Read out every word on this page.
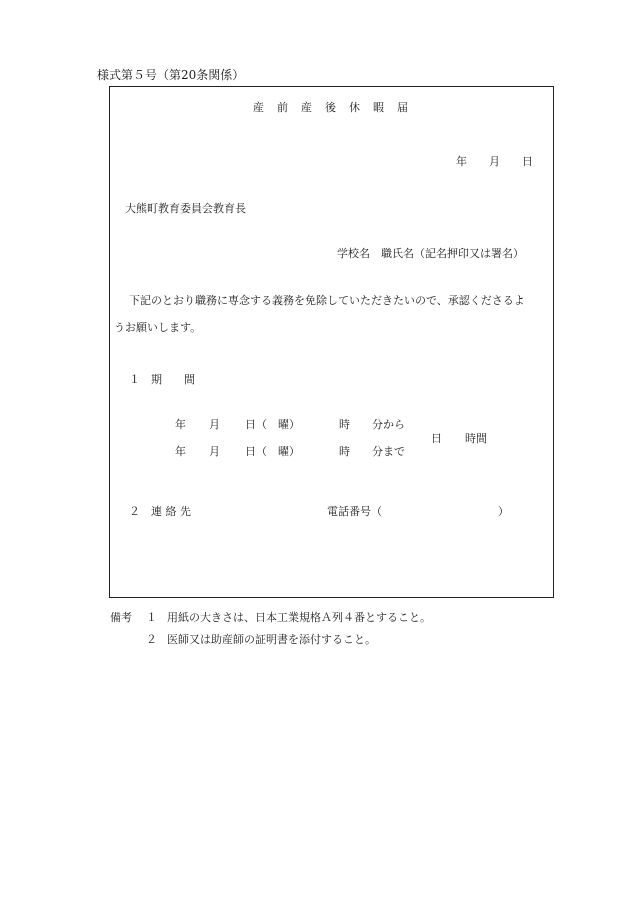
様式第５号（第20条関係）
産　前　産　後　休　暇　届
年　　月　　日
大熊町教育委員会教育長
学校名　職氏名（記名押印又は署名）
下記のとおり職務に専念する義務を免除していただきたいので、承認くださるよ
うお願いします。
１　期　　間
年 月 日（　曜）	時 分から
年 月 日（　曜）	時 分まで
日 時間
２　連 絡 先	電話番号（	）
備考 １ 用紙の大きさは、日本工業規格Ａ列４番とすること。
２ 医師又は助産師の証明書を添付すること。
